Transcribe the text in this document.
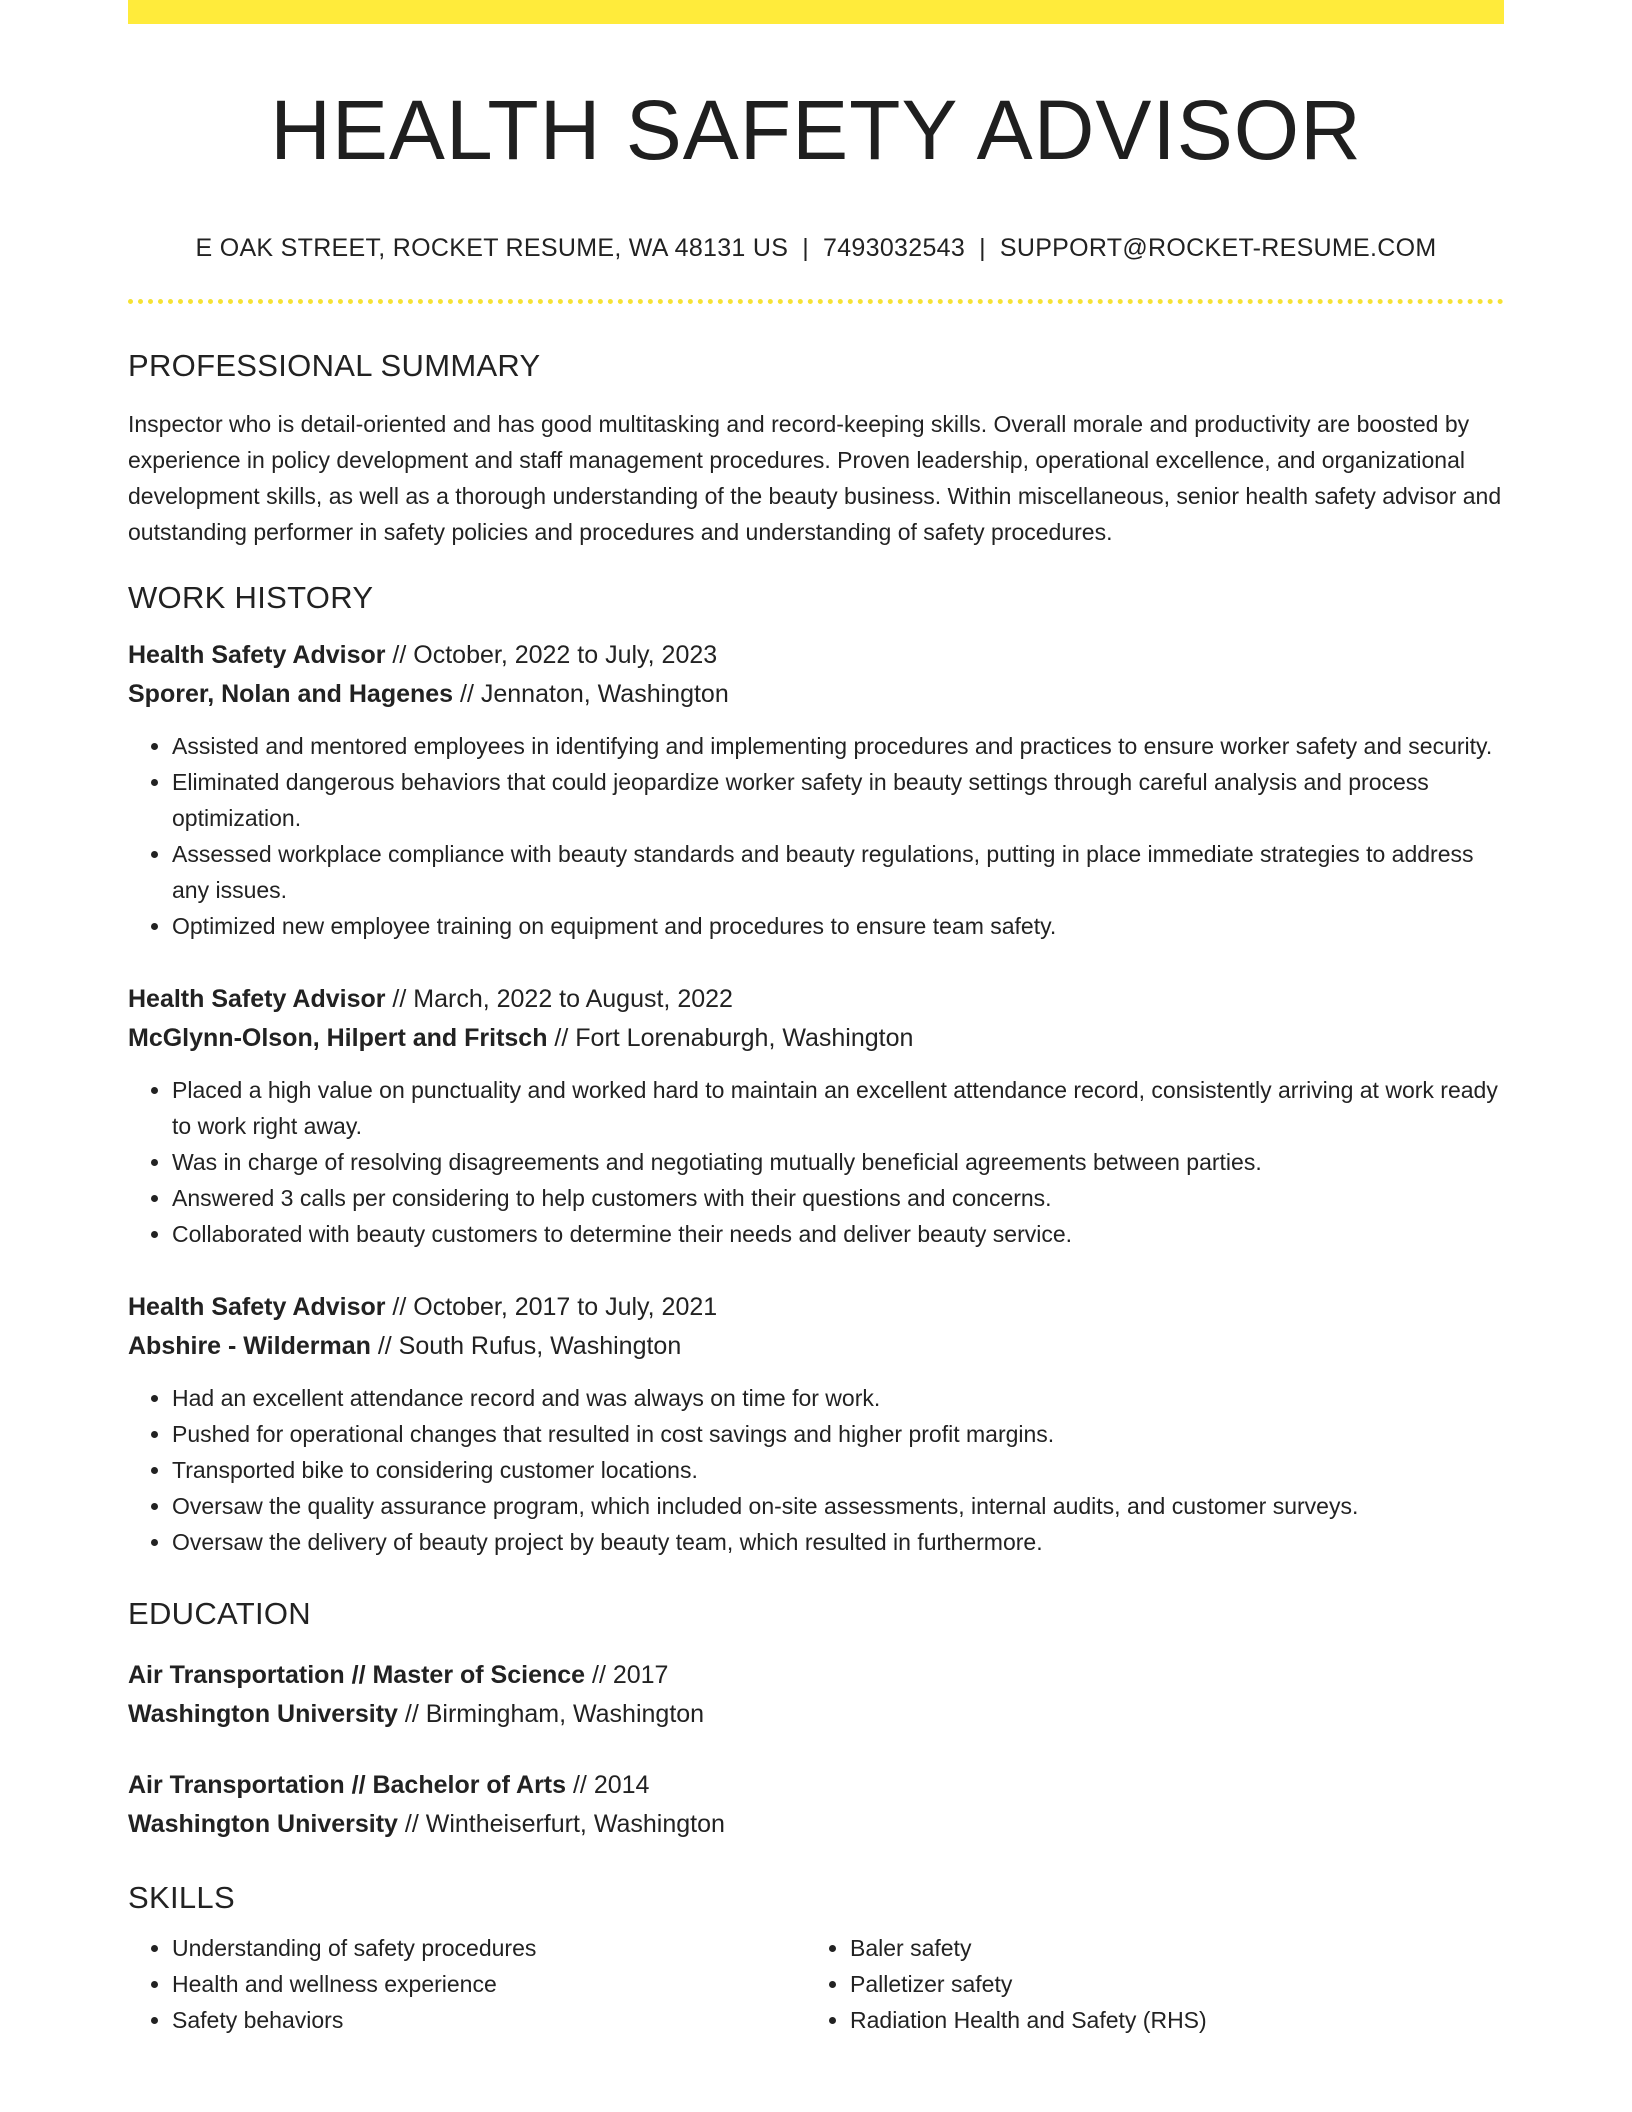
HEALTH SAFETY ADVISOR
E OAK STREET, ROCKET RESUME, WA 48131 US | 7493032543 | SUPPORT@ROCKET-RESUME.COM
PROFESSIONAL SUMMARY
Inspector who is detail-oriented and has good multitasking and record-keeping skills. Overall morale and productivity are boosted by experience in policy development and staff management procedures. Proven leadership, operational excellence, and organizational development skills, as well as a thorough understanding of the beauty business. Within miscellaneous, senior health safety advisor and outstanding performer in safety policies and procedures and understanding of safety procedures.
WORK HISTORY
Health Safety Advisor // October, 2022 to July, 2023
Sporer, Nolan and Hagenes // Jennaton, Washington
• Assisted and mentored employees in identifying and implementing procedures and practices to ensure worker safety and security.
• Eliminated dangerous behaviors that could jeopardize worker safety in beauty settings through careful analysis and process optimization.
• Assessed workplace compliance with beauty standards and beauty regulations, putting in place immediate strategies to address any issues.
• Optimized new employee training on equipment and procedures to ensure team safety.
Health Safety Advisor // March, 2022 to August, 2022
McGlynn-Olson, Hilpert and Fritsch // Fort Lorenaburgh, Washington
• Placed a high value on punctuality and worked hard to maintain an excellent attendance record, consistently arriving at work ready to work right away.
• Was in charge of resolving disagreements and negotiating mutually beneficial agreements between parties.
• Answered 3 calls per considering to help customers with their questions and concerns.
• Collaborated with beauty customers to determine their needs and deliver beauty service.
Health Safety Advisor // October, 2017 to July, 2021
Abshire - Wilderman // South Rufus, Washington
• Had an excellent attendance record and was always on time for work.
• Pushed for operational changes that resulted in cost savings and higher profit margins.
• Transported bike to considering customer locations.
• Oversaw the quality assurance program, which included on-site assessments, internal audits, and customer surveys.
• Oversaw the delivery of beauty project by beauty team, which resulted in furthermore.
EDUCATION
Air Transportation // Master of Science // 2017
Washington University // Birmingham, Washington
Air Transportation // Bachelor of Arts // 2014
Washington University // Wintheiserfurt, Washington
SKILLS
• Understanding of safety procedures
• Health and wellness experience
• Safety behaviors
• Baler safety
• Palletizer safety
• Radiation Health and Safety (RHS)
